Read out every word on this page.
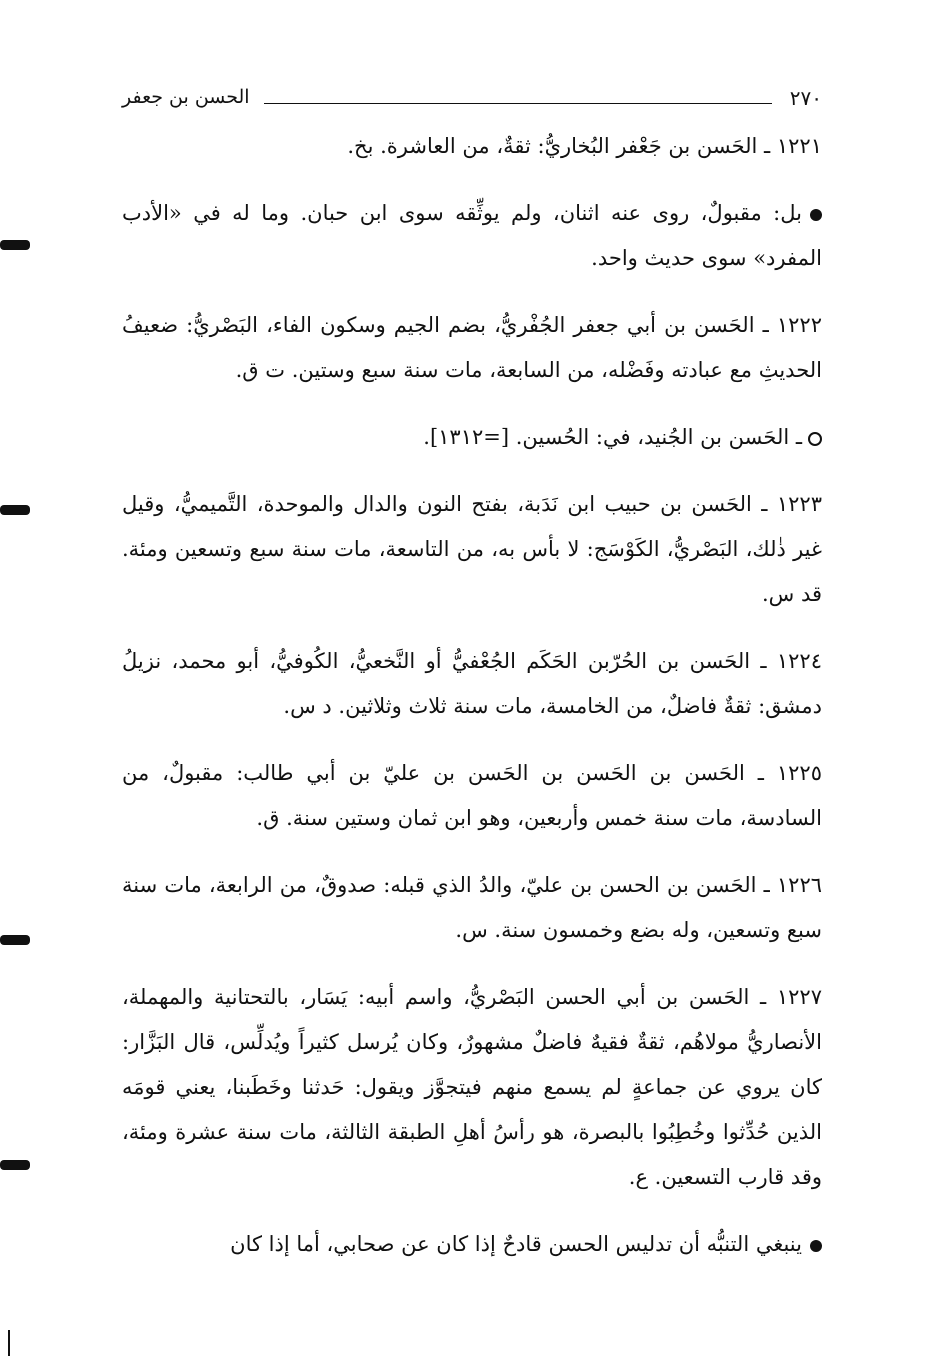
٢٧٠
الحسن بن جعفر

١٢٢١ ـ الحَسن بن جَعْفر البُخاريُّ: ثقةٌ، من العاشرة. بخ.

بل: مقبولٌ، روى عنه اثنان، ولم يوثِّقه سوى ابن حبان. وما له في «الأدب المفرد» سوى حديث واحد.

١٢٢٢ ـ الحَسن بن أبي جعفر الجُفْريُّ، بضم الجيم وسكون الفاء، البَصْريُّ: ضعيفُ الحديثِ مع عبادته وفَضْله، من السابعة، مات سنة سبع وستين. ت ق.

ـ الحَسن بن الجُنيد، في: الحُسين. [=١٣١٢].

١٢٢٣ ـ الحَسن بن حبيب ابن نَدَبة، بفتح النون والدال والموحدة، التَّميميُّ، وقيل غير ذٰلك، البَصْريُّ، الكَوْسَج: لا بأس به، من التاسعة، مات سنة سبع وتسعين ومئة. قد س.

١٢٢٤ ـ الحَسن بن الحُرّبن الحَكَم الجُعْفيُّ أو النَّخعيُّ، الكُوفيُّ، أبو محمد، نزيلُ دمشق: ثقةٌ فاضلٌ، من الخامسة، مات سنة ثلاث وثلاثين. د س.

١٢٢٥ ـ الحَسن بن الحَسن بن الحَسن بن عليّ بن أبي طالب: مقبولٌ، من السادسة، مات سنة خمس وأربعين، وهو ابن ثمان وستين سنة. ق.

١٢٢٦ ـ الحَسن بن الحسن بن عليّ، والدُ الذي قبله: صدوقٌ، من الرابعة، مات سنة سبع وتسعين، وله بضع وخمسون سنة. س.

١٢٢٧ ـ الحَسن بن أبي الحسن البَصْريُّ، واسم أبيه: يَسَار، بالتحتانية والمهملة، الأنصاريُّ مولاهُم، ثقةٌ فقيهٌ فاضلٌ مشهورٌ، وكان يُرسل كثيراً ويُدلِّس، قال البَزَّار: كان يروي عن جماعةٍ لم يسمع منهم فيتجوَّز ويقول: حَدثنا وخَطَبنا، يعني قومَه الذين حُدِّثوا وخُطِبُوا بالبصرة، هو رأسُ أهلِ الطبقة الثالثة، مات سنة عشرة ومئة، وقد قارب التسعين. ع.

ينبغي التنبُّه أن تدليس الحسن قادحٌ إذا كان عن صحابي، أما إذا كان
